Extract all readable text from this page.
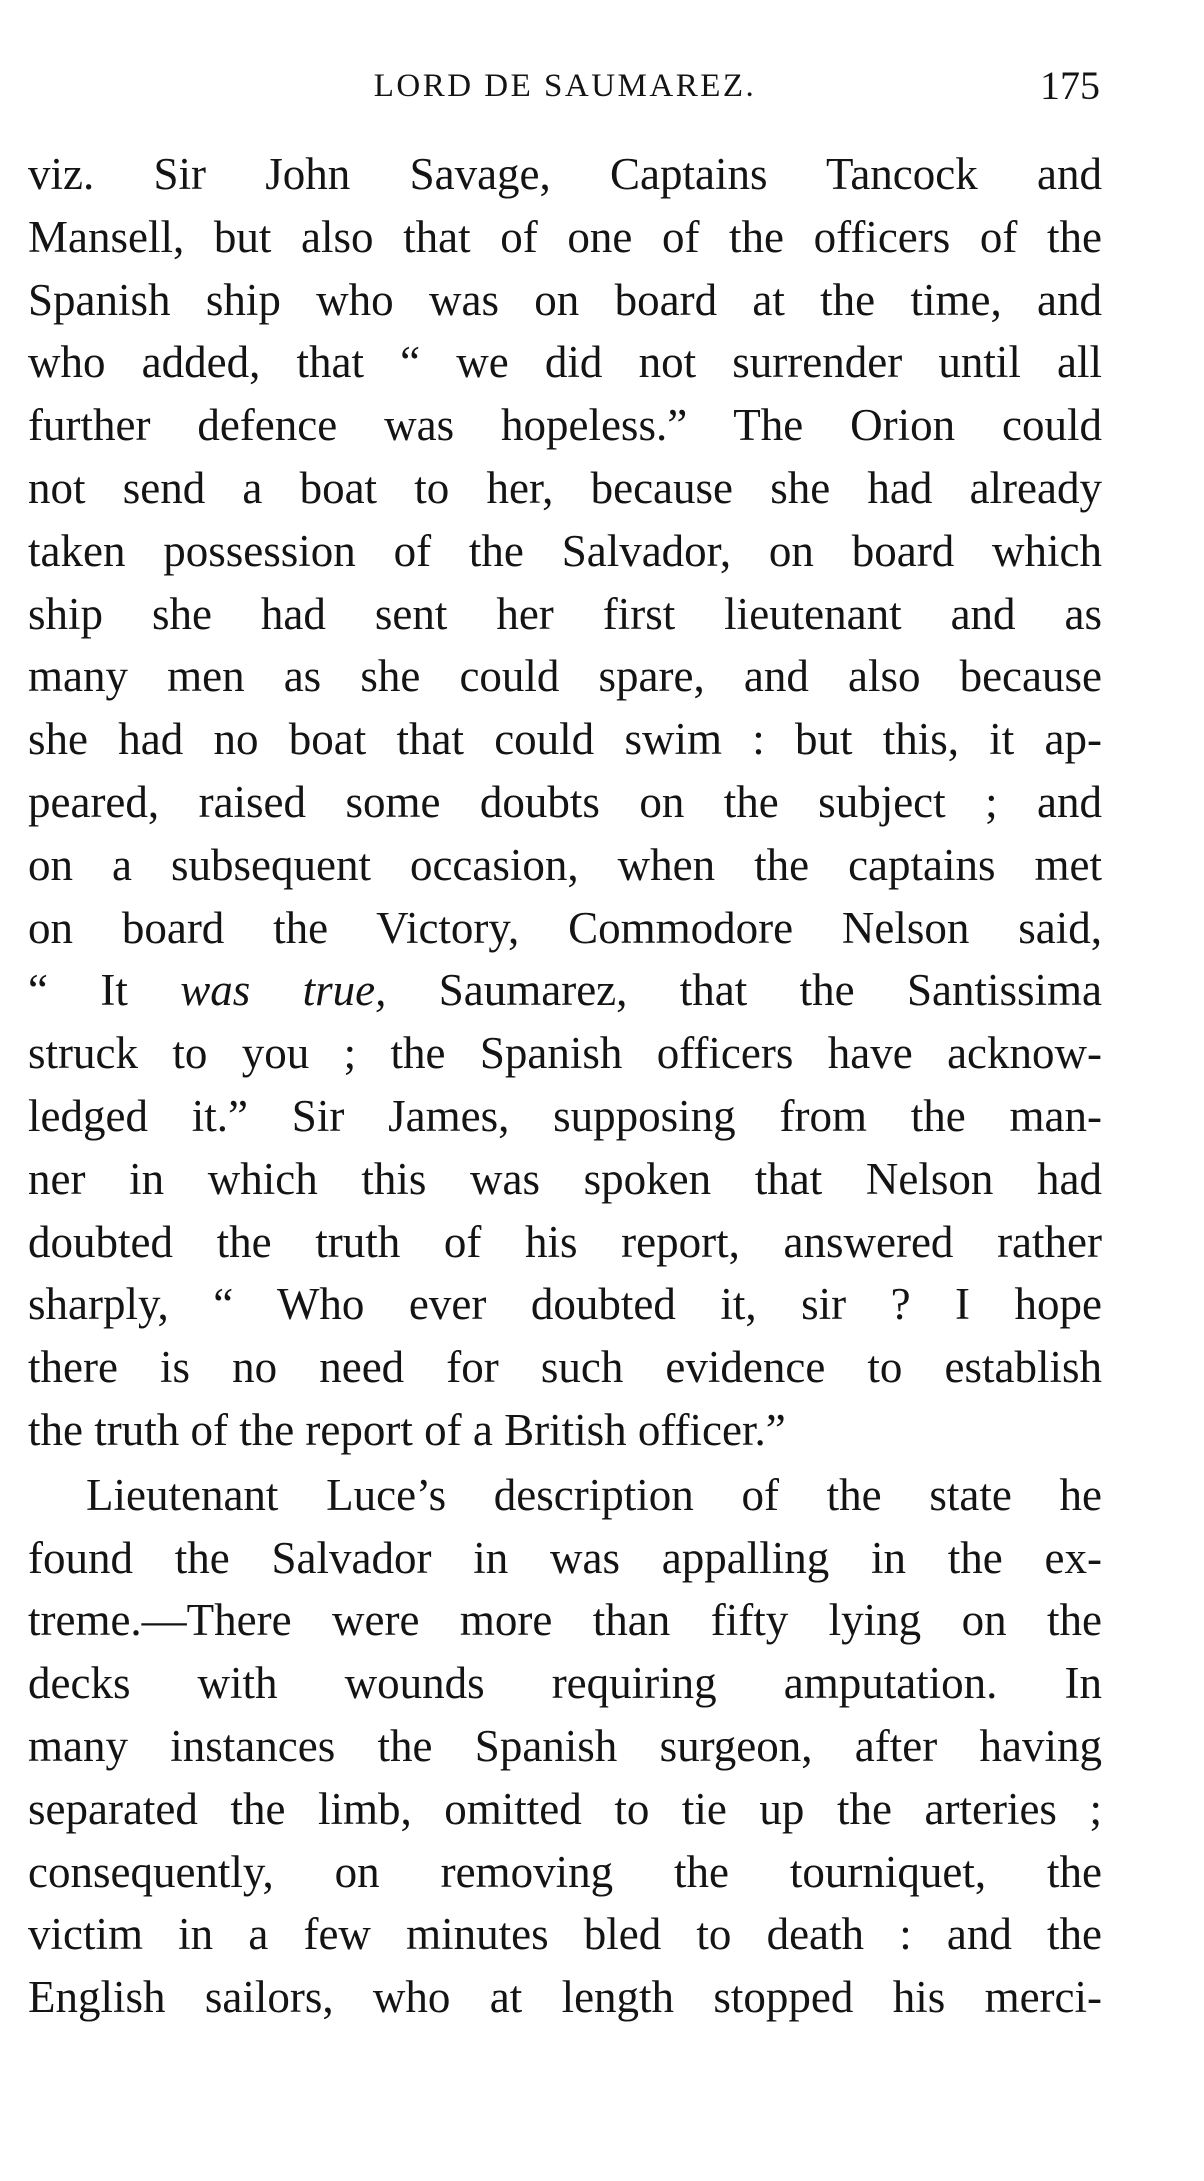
LORD DE SAUMAREZ.	175
viz. Sir John Savage, Captains Tancock and
Mansell, but also that of one of the officers of the
Spanish ship who was on board at the time, and
who added, that “ we did not surrender until all
further defence was hopeless.” The Orion could
not send a boat to her, because she had already
taken possession of the Salvador, on board which
ship she had sent her first lieutenant and as
many men as she could spare, and also because
she had no boat that could swim : but this, it ap-
peared, raised some doubts on the subject ; and
on a subsequent occasion, when the captains met
on board the Victory, Commodore Nelson said,
“ It was true, Saumarez, that the Santissima
struck to you ; the Spanish officers have acknow-
ledged it.” Sir James, supposing from the man-
ner in which this was spoken that Nelson had
doubted the truth of his report, answered rather
sharply, “ Who ever doubted it, sir ? I hope
there is no need for such evidence to establish
the truth of the report of a British officer.”
Lieutenant Luce’s description of the state he
found the Salvador in was appalling in the ex-
treme.—There were more than fifty lying on the
decks with wounds requiring amputation. In
many instances the Spanish surgeon, after having
separated the limb, omitted to tie up the arteries ;
consequently, on removing the tourniquet, the
victim in a few minutes bled to death : and the
English sailors, who at length stopped his merci-
